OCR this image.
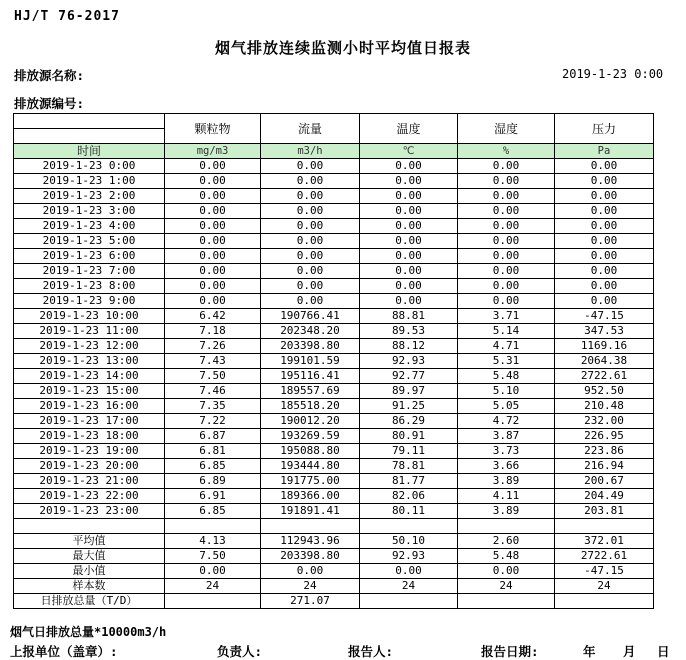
HJ/T 76-2017
烟气排放连续监测小时平均值日报表
排放源名称:	2019-1-23 0:00
排放源编号:
	颗粒物	流量	温度	湿度	压力

时间	mg/m3	m3/h	℃	%	Pa
2019-1-23 0:00	0.00	0.00	0.00	0.00	0.00
2019-1-23 1:00	0.00	0.00	0.00	0.00	0.00
2019-1-23 2:00	0.00	0.00	0.00	0.00	0.00
2019-1-23 3:00	0.00	0.00	0.00	0.00	0.00
2019-1-23 4:00	0.00	0.00	0.00	0.00	0.00
2019-1-23 5:00	0.00	0.00	0.00	0.00	0.00
2019-1-23 6:00	0.00	0.00	0.00	0.00	0.00
2019-1-23 7:00	0.00	0.00	0.00	0.00	0.00
2019-1-23 8:00	0.00	0.00	0.00	0.00	0.00
2019-1-23 9:00	0.00	0.00	0.00	0.00	0.00
2019-1-23 10:00	6.42	190766.41	88.81	3.71	-47.15
2019-1-23 11:00	7.18	202348.20	89.53	5.14	347.53
2019-1-23 12:00	7.26	203398.80	88.12	4.71	1169.16
2019-1-23 13:00	7.43	199101.59	92.93	5.31	2064.38
2019-1-23 14:00	7.50	195116.41	92.77	5.48	2722.61
2019-1-23 15:00	7.46	189557.69	89.97	5.10	952.50
2019-1-23 16:00	7.35	185518.20	91.25	5.05	210.48
2019-1-23 17:00	7.22	190012.20	86.29	4.72	232.00
2019-1-23 18:00	6.87	193269.59	80.91	3.87	226.95
2019-1-23 19:00	6.81	195088.80	79.11	3.73	223.86
2019-1-23 20:00	6.85	193444.80	78.81	3.66	216.94
2019-1-23 21:00	6.89	191775.00	81.77	3.89	200.67
2019-1-23 22:00	6.91	189366.00	82.06	4.11	204.49
2019-1-23 23:00	6.85	191891.41	80.11	3.89	203.81

平均值	4.13	112943.96	50.10	2.60	372.01
最大值	7.50	203398.80	92.93	5.48	2722.61
最小值	0.00	0.00	0.00	0.00	-47.15
样本数	24	24	24	24	24
日排放总量（T/D）		271.07			
烟气日排放总量*10000m3/h
上报单位（盖章）:	负责人:	报告人:	报告日期:	年 月 日
